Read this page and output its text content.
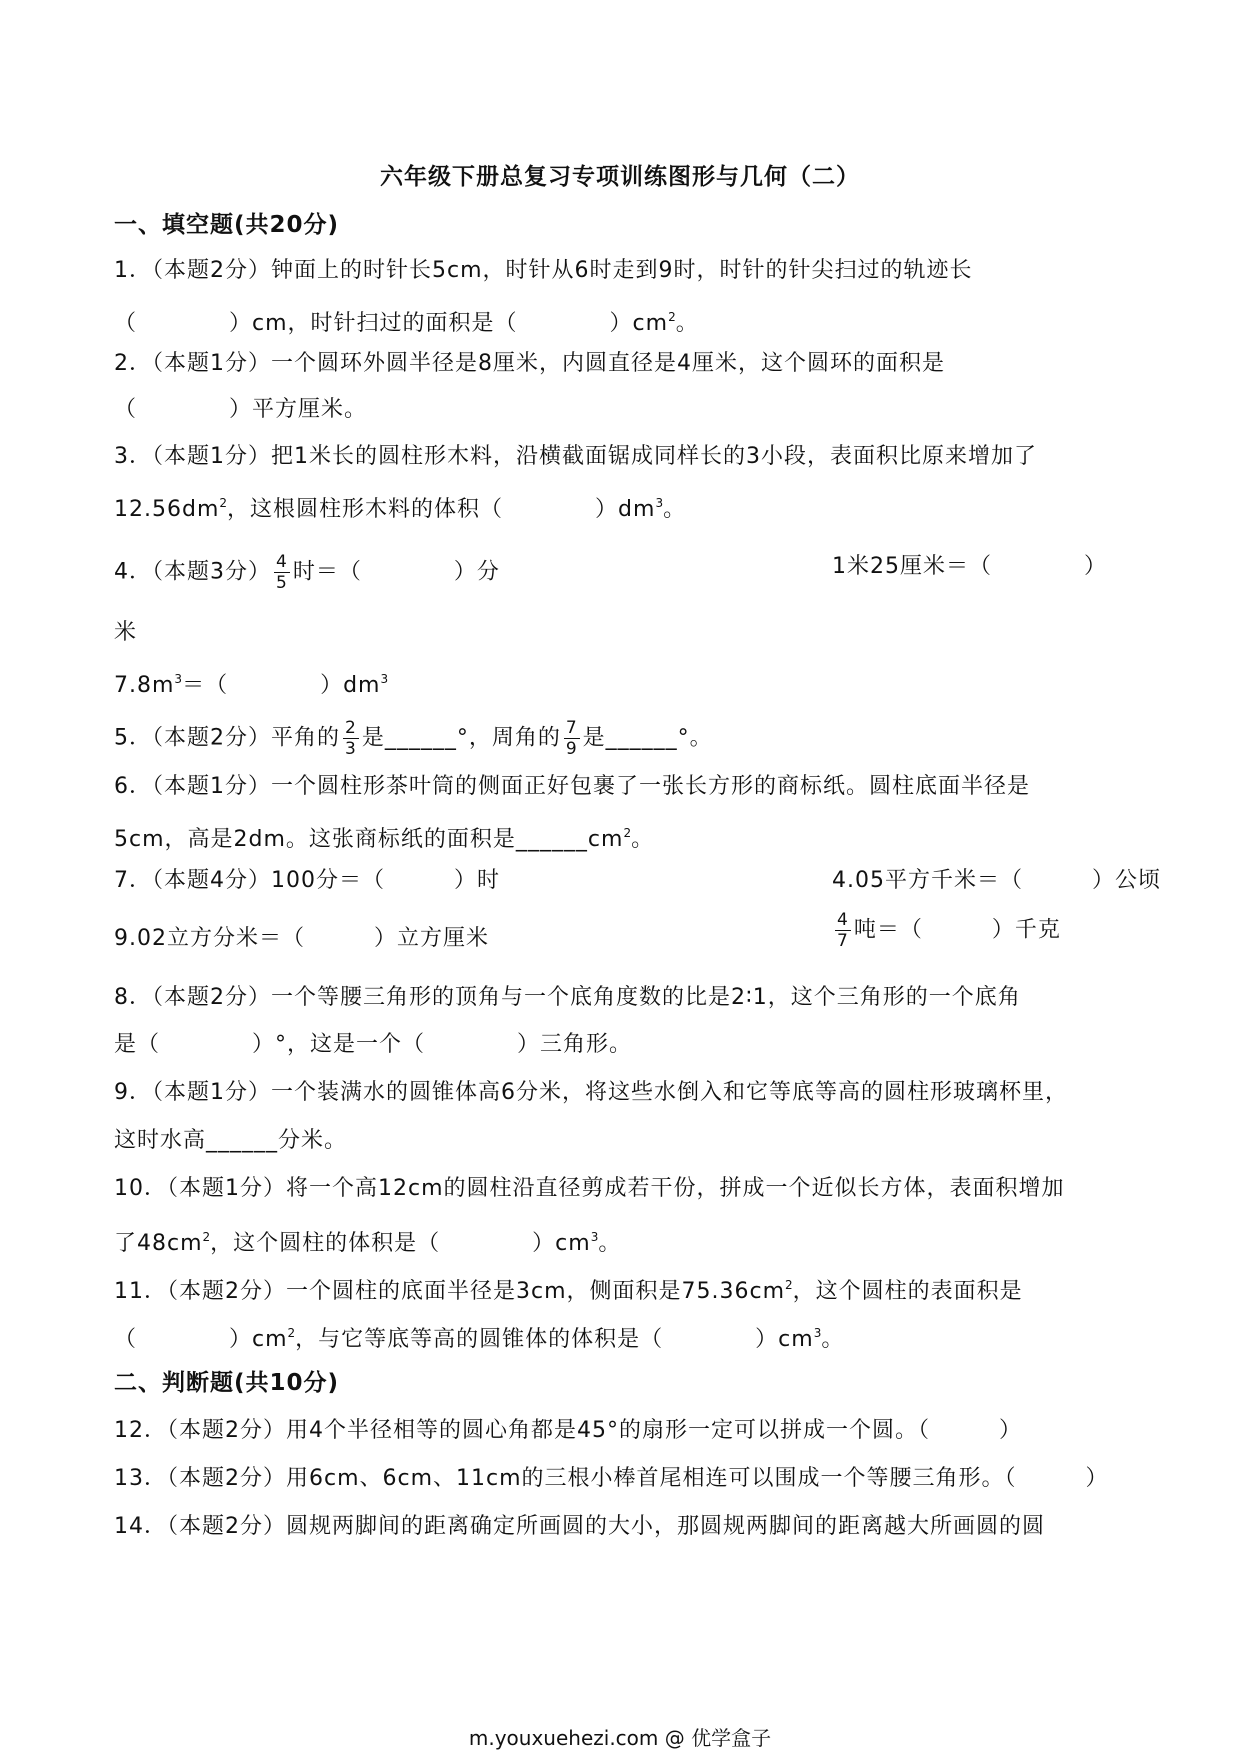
六年级下册总复习专项训练图形与几何（二）
一、填空题(共20分)
1．（本题2分）钟面上的时针长5cm，时针从6时走到9时，时针的针尖扫过的轨迹长
（　　　　）cm，时针扫过的面积是（　　　　）$cm^2$。
2．（本题1分）一个圆环外圆半径是8厘米，内圆直径是4厘米，这个圆环的面积是
（　　　　）平方厘米。
3．（本题1分）把1米长的圆柱形木料，沿横截面锯成同样长的3小段，表面积比原来增加了
$12.56dm^2$，这根圆柱形木料的体积（　　　　）$dm^3$。
4．（本题3分） $\frac{4}{5}$ 时＝（　　　　）分	1米25厘米＝（　　　　）
米
$7.8m^3=$（　　　　）$dm^3$
5．（本题2分）平角的 $\frac{2}{3}$ 是______°，周角的 $\frac{7}{9}$ 是______°。
6．（本题1分）一个圆柱形茶叶筒的侧面正好包裹了一张长方形的商标纸。圆柱底面半径是
5cm，高是2dm。这张商标纸的面积是$\_\_\_\_\_\_cm^2$。
7．（本题4分）100分＝（　　　）时	4.05平方千米＝（　　　）公顷
9.02立方分米＝（　　　）立方厘米	$\frac{4}{7}$ 吨＝（　　　）千克
8．（本题2分）一个等腰三角形的顶角与一个底角度数的比是2∶1，这个三角形的一个底角
是（　　　　）°，这是一个（　　　　）三角形。
9．（本题1分）一个装满水的圆锥体高6分米，将这些水倒入和它等底等高的圆柱形玻璃杯里，
这时水高______分米。
10．（本题1分）将一个高12cm的圆柱沿直径剪成若干份，拼成一个近似长方体，表面积增加
了$48cm^2$，这个圆柱的体积是（　　　　）$cm^3$。
11．（本题2分）一个圆柱的底面半径是3cm，侧面积是$75.36cm^2$，这个圆柱的表面积是
（　　　　）$cm^2$，与它等底等高的圆锥体的体积是（　　　　）$cm^3$。
二、判断题(共10分)
12．（本题2分）用4个半径相等的圆心角都是45°的扇形一定可以拼成一个圆。（　　　）
13．（本题2分）用6cm、6cm、11cm的三根小棒首尾相连可以围成一个等腰三角形。（　　　）
14．（本题2分）圆规两脚间的距离确定所画圆的大小，那圆规两脚间的距离越大所画圆的圆
m.youxuehezi.com @ 优学盒子
